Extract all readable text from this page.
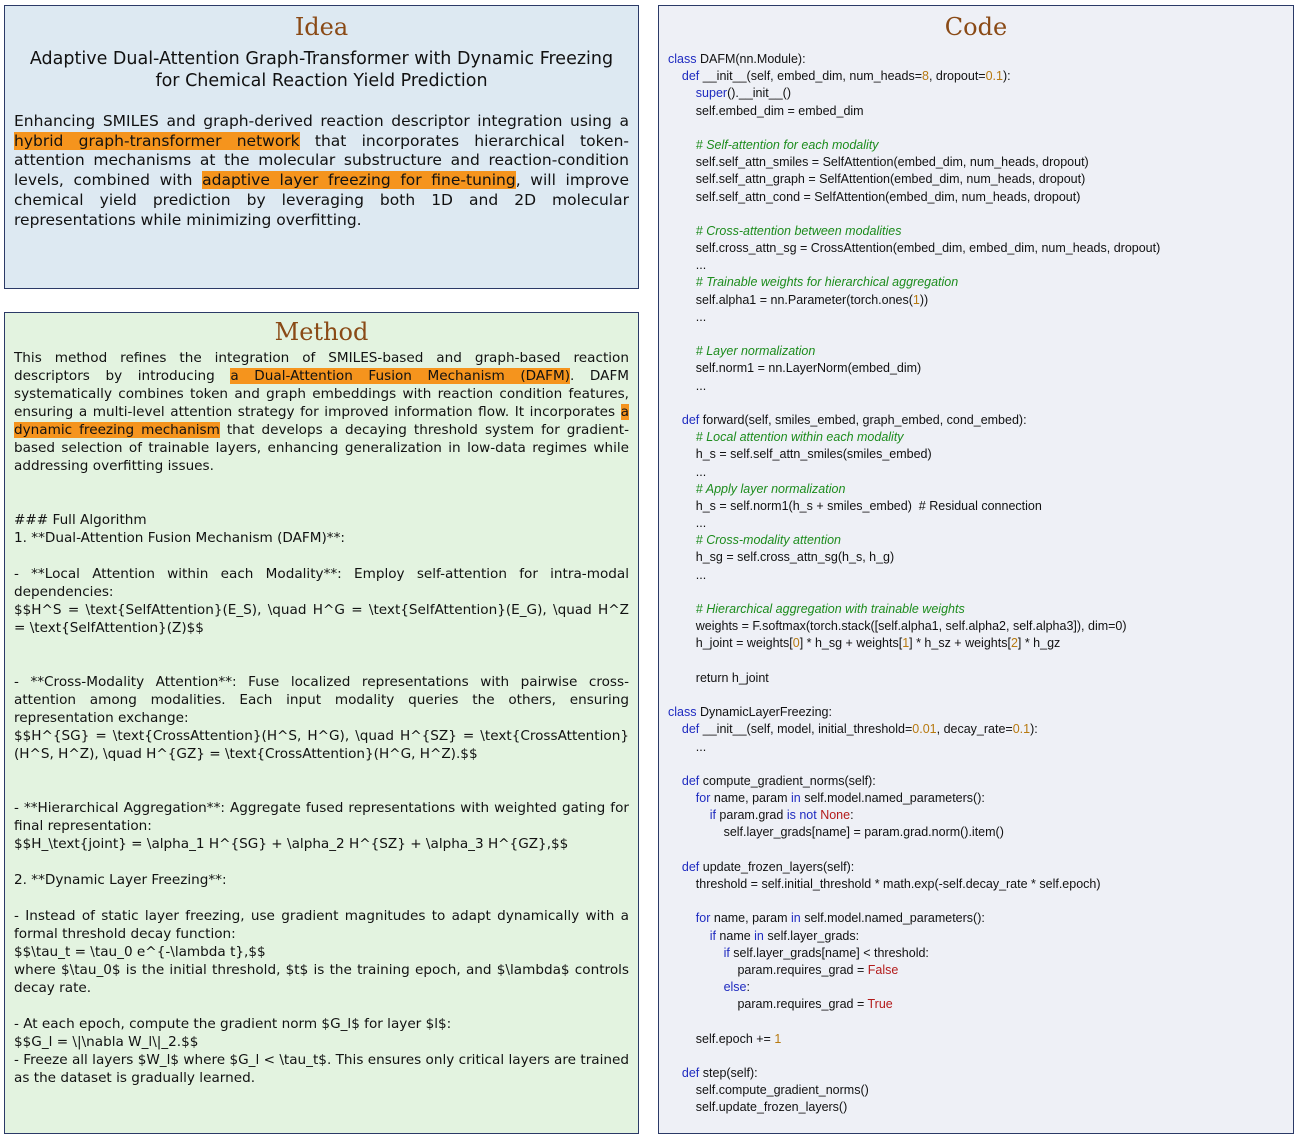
Idea
Adaptive Dual-Attention Graph-Transformer with Dynamic Freezing
for Chemical Reaction Yield Prediction

Enhancing SMILES and graph-derived reaction descriptor integration using a hybrid graph-transformer network that incorporates hierarchical token-attention mechanisms at the molecular substructure and reaction-condition levels, combined with adaptive layer freezing for fine-tuning, will improve chemical yield prediction by leveraging both 1D and 2D molecular representations while minimizing overfitting.

Method

This method refines the integration of SMILES-based and graph-based reaction descriptors by introducing a Dual-Attention Fusion Mechanism (DAFM). DAFM systematically combines token and graph embeddings with reaction condition features, ensuring a multi-level attention strategy for improved information flow. It incorporates a dynamic freezing mechanism that develops a decaying threshold system for gradient-based selection of trainable layers, enhancing generalization in low-data regimes while addressing overfitting issues.

### Full Algorithm

1. **Dual-Attention Fusion Mechanism (DAFM)**:

- **Local Attention within each Modality**: Employ self-attention for intra-modal dependencies:

$$H^S = \text{SelfAttention}(E_S), \quad H^G = \text{SelfAttention}(E_G), \quad H^Z = \text{SelfAttention}(Z)$$

- **Cross-Modality Attention**: Fuse localized representations with pairwise cross-attention among modalities. Each input modality queries the others, ensuring representation exchange:

$$H^{SG} = \text{CrossAttention}(H^S, H^G), \quad H^{SZ} = \text{CrossAttention}(H^S, H^Z), \quad H^{GZ} = \text{CrossAttention}(H^G, H^Z).$$

- **Hierarchical Aggregation**: Aggregate fused representations with weighted gating for final representation:

$$H_\text{joint} = \alpha_1 H^{SG} + \alpha_2 H^{SZ} + \alpha_3 H^{GZ},$$

2. **Dynamic Layer Freezing**:

- Instead of static layer freezing, use gradient magnitudes to adapt dynamically with a formal threshold decay function:

$$\tau_t = \tau_0 e^{-\lambda t},$$

where $\tau_0$ is the initial threshold, $t$ is the training epoch, and $\lambda$ controls decay rate.

- At each epoch, compute the gradient norm $G_l$ for layer $l$:

$$G_l = \|\nabla W_l\|_2.$$

- Freeze all layers $W_l$ where $G_l < \tau_t$. This ensures only critical layers are trained as the dataset is gradually learned.

Code
class DAFM(nn.Module):
def __init__(self, embed_dim, num_heads=8, dropout=0.1):
super().__init__()
self.embed_dim = embed_dim
# Self-attention for each modality
self.self_attn_smiles = SelfAttention(embed_dim, num_heads, dropout)
self.self_attn_graph = SelfAttention(embed_dim, num_heads, dropout)
self.self_attn_cond = SelfAttention(embed_dim, num_heads, dropout)
# Cross-attention between modalities
self.cross_attn_sg = CrossAttention(embed_dim, embed_dim, num_heads, dropout)
...
# Trainable weights for hierarchical aggregation
self.alpha1 = nn.Parameter(torch.ones(1))
...
# Layer normalization
self.norm1 = nn.LayerNorm(embed_dim)
...
def forward(self, smiles_embed, graph_embed, cond_embed):
# Local attention within each modality
h_s = self.self_attn_smiles(smiles_embed)
...
# Apply layer normalization
h_s = self.norm1(h_s + smiles_embed)  # Residual connection
...
# Cross-modality attention
h_sg = self.cross_attn_sg(h_s, h_g)
...
# Hierarchical aggregation with trainable weights
weights = F.softmax(torch.stack([self.alpha1, self.alpha2, self.alpha3]), dim=0)
h_joint = weights[0] * h_sg + weights[1] * h_sz + weights[2] * h_gz
return h_joint
class DynamicLayerFreezing:
def __init__(self, model, initial_threshold=0.01, decay_rate=0.1):
...
def compute_gradient_norms(self):
for name, param in self.model.named_parameters():
if param.grad is not None:
self.layer_grads[name] = param.grad.norm().item()
def update_frozen_layers(self):
threshold = self.initial_threshold * math.exp(-self.decay_rate * self.epoch)
for name, param in self.model.named_parameters():
if name in self.layer_grads:
if self.layer_grads[name] < threshold:
param.requires_grad = False
else:
param.requires_grad = True
self.epoch += 1
def step(self):
self.compute_gradient_norms()
self.update_frozen_layers()
